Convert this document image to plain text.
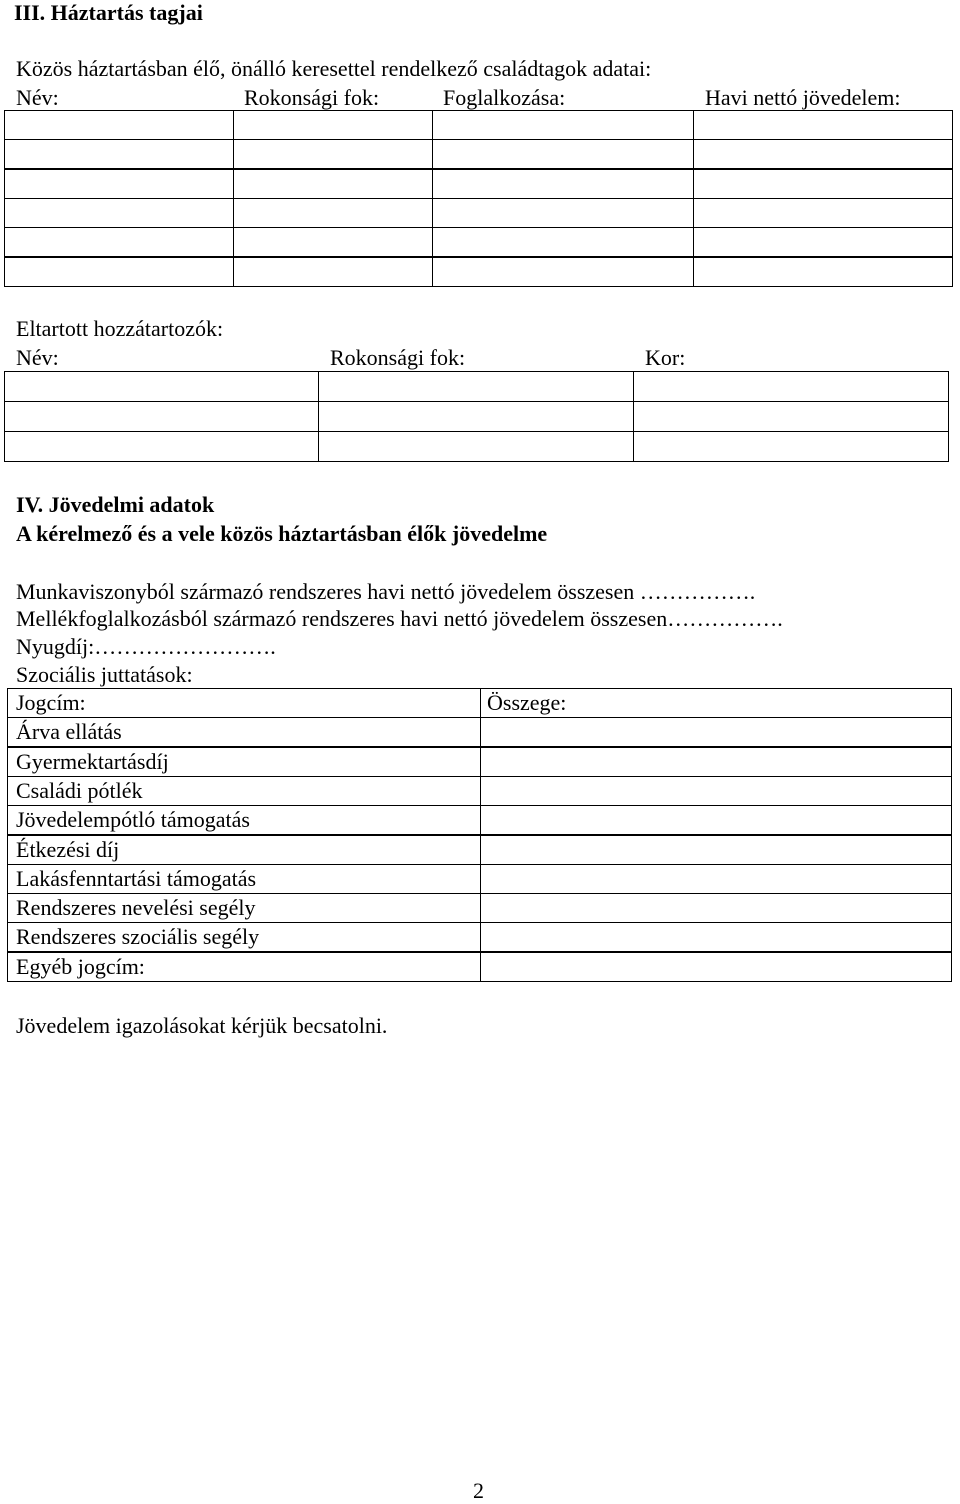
III. Háztartás tagjai
Közös háztartásban élő, önálló keresettel rendelkező családtagok adatai:
Név:	Rokonsági fok:	Foglalkozása:	Havi nettó jövedelem:
Eltartott hozzátartozók:
Név:	Rokonsági fok:	Kor:
IV. Jövedelmi adatok
A kérelmező és a vele közös háztartásban élők jövedelme
Munkaviszonyból származó rendszeres havi nettó jövedelem összesen …………….
Mellékfoglalkozásból származó rendszeres havi nettó jövedelem összesen…………….
Nyugdíj:…………………….
Szociális juttatások:
Jogcím:	Összege:
Árva ellátás
Gyermektartásdíj
Családi pótlék
Jövedelempótló támogatás
Étkezési díj
Lakásfenntartási támogatás
Rendszeres nevelési segély
Rendszeres szociális segély
Egyéb jogcím:
Jövedelem igazolásokat kérjük becsatolni.
2
